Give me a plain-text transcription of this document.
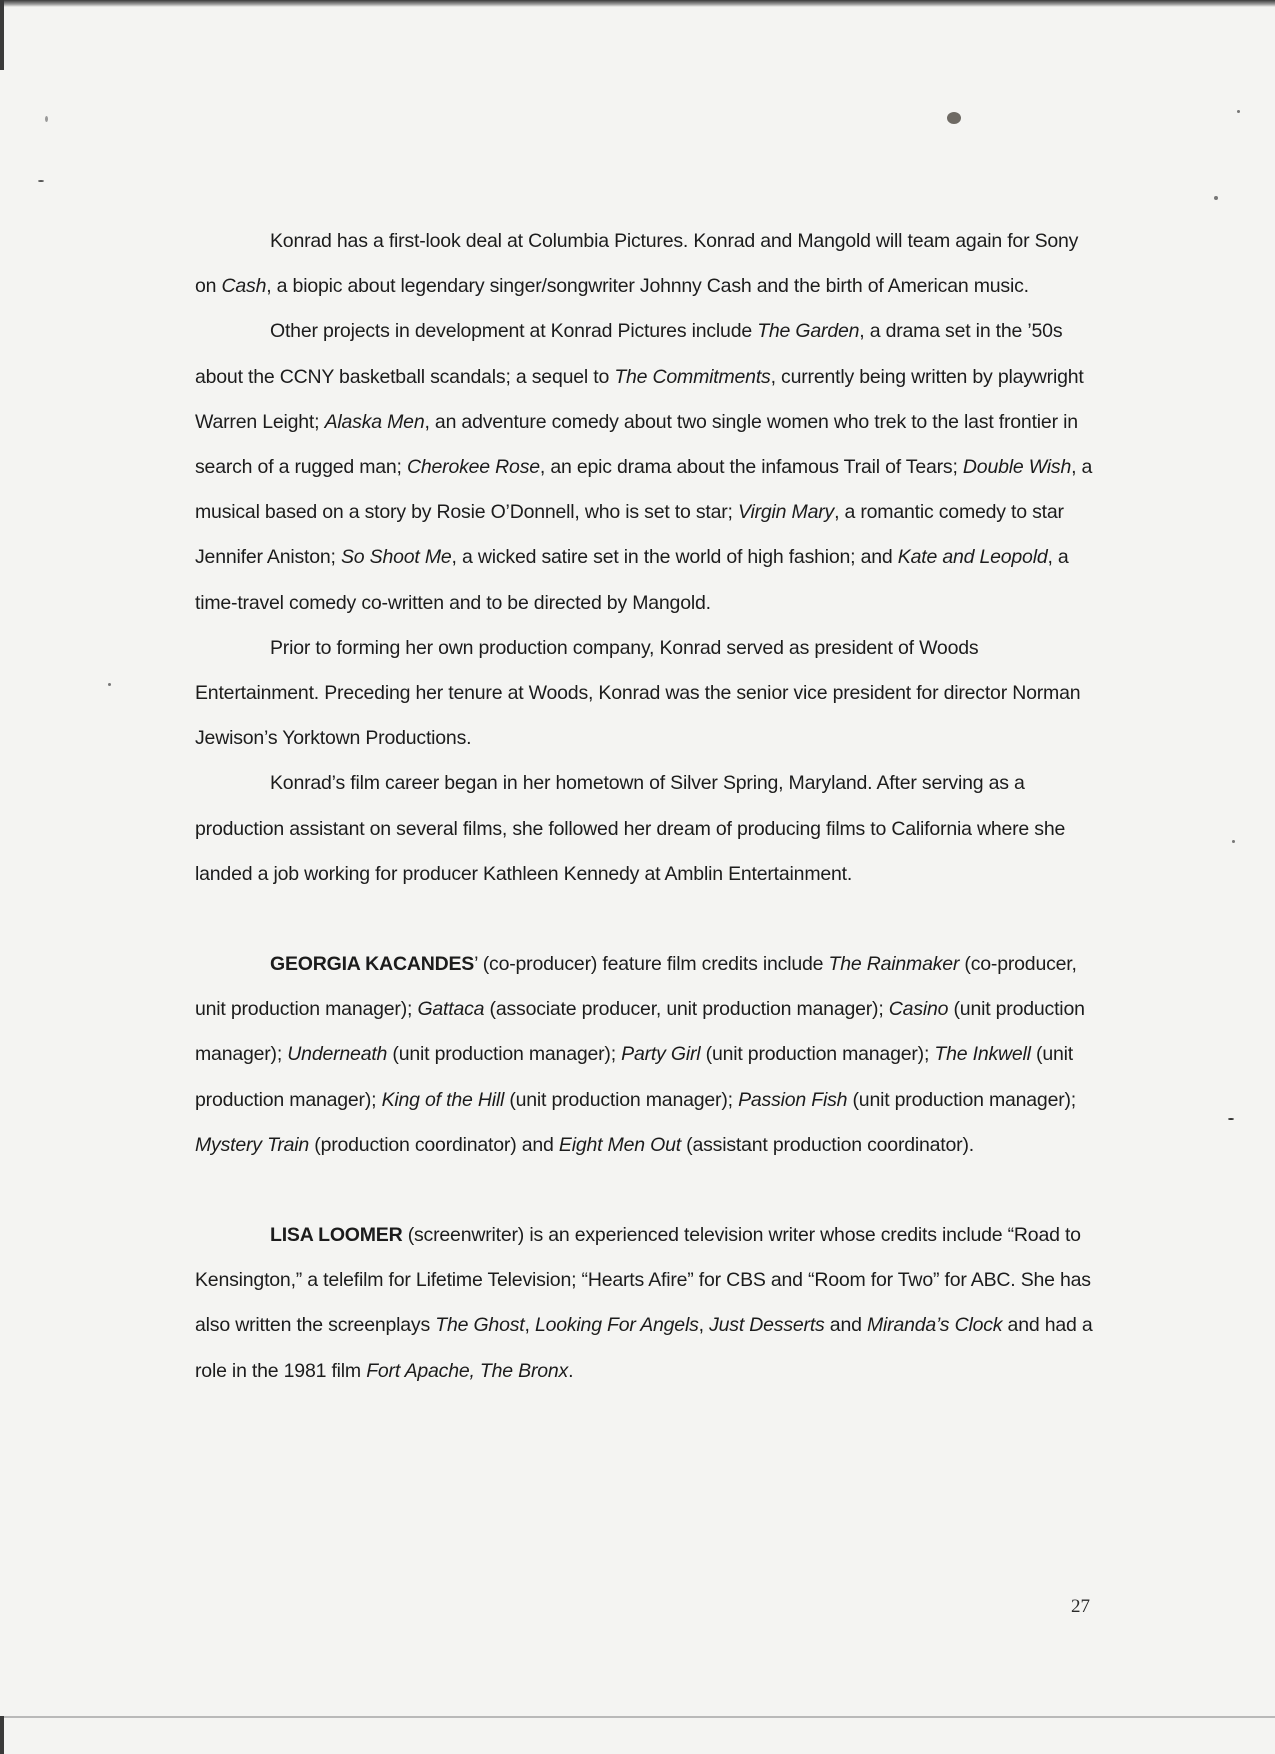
Konrad has a first-look deal at Columbia Pictures. Konrad and Mangold will team again for Sony on Cash, a biopic about legendary singer/songwriter Johnny Cash and the birth of American music.

Other projects in development at Konrad Pictures include The Garden, a drama set in the ’50s about the CCNY basketball scandals; a sequel to The Commitments, currently being written by playwright Warren Leight; Alaska Men, an adventure comedy about two single women who trek to the last frontier in search of a rugged man; Cherokee Rose, an epic drama about the infamous Trail of Tears; Double Wish, a musical based on a story by Rosie O’Donnell, who is set to star; Virgin Mary, a romantic comedy to star Jennifer Aniston; So Shoot Me, a wicked satire set in the world of high fashion; and Kate and Leopold, a time-travel comedy co-written and to be directed by Mangold.

Prior to forming her own production company, Konrad served as president of Woods Entertainment. Preceding her tenure at Woods, Konrad was the senior vice president for director Norman Jewison’s Yorktown Productions.

Konrad’s film career began in her hometown of Silver Spring, Maryland. After serving as a production assistant on several films, she followed her dream of producing films to California where she landed a job working for producer Kathleen Kennedy at Amblin Entertainment.

GEORGIA KACANDES’ (co-producer) feature film credits include The Rainmaker (co-producer, unit production manager); Gattaca (associate producer, unit production manager); Casino (unit production manager); Underneath (unit production manager); Party Girl (unit production manager); The Inkwell (unit production manager); King of the Hill (unit production manager); Passion Fish (unit production manager); Mystery Train (production coordinator) and Eight Men Out (assistant production coordinator).

LISA LOOMER (screenwriter) is an experienced television writer whose credits include “Road to Kensington,” a telefilm for Lifetime Television; “Hearts Afire” for CBS and “Room for Two” for ABC. She has also written the screenplays The Ghost, Looking For Angels, Just Desserts and Miranda’s Clock and had a role in the 1981 film Fort Apache, The Bronx.

27
